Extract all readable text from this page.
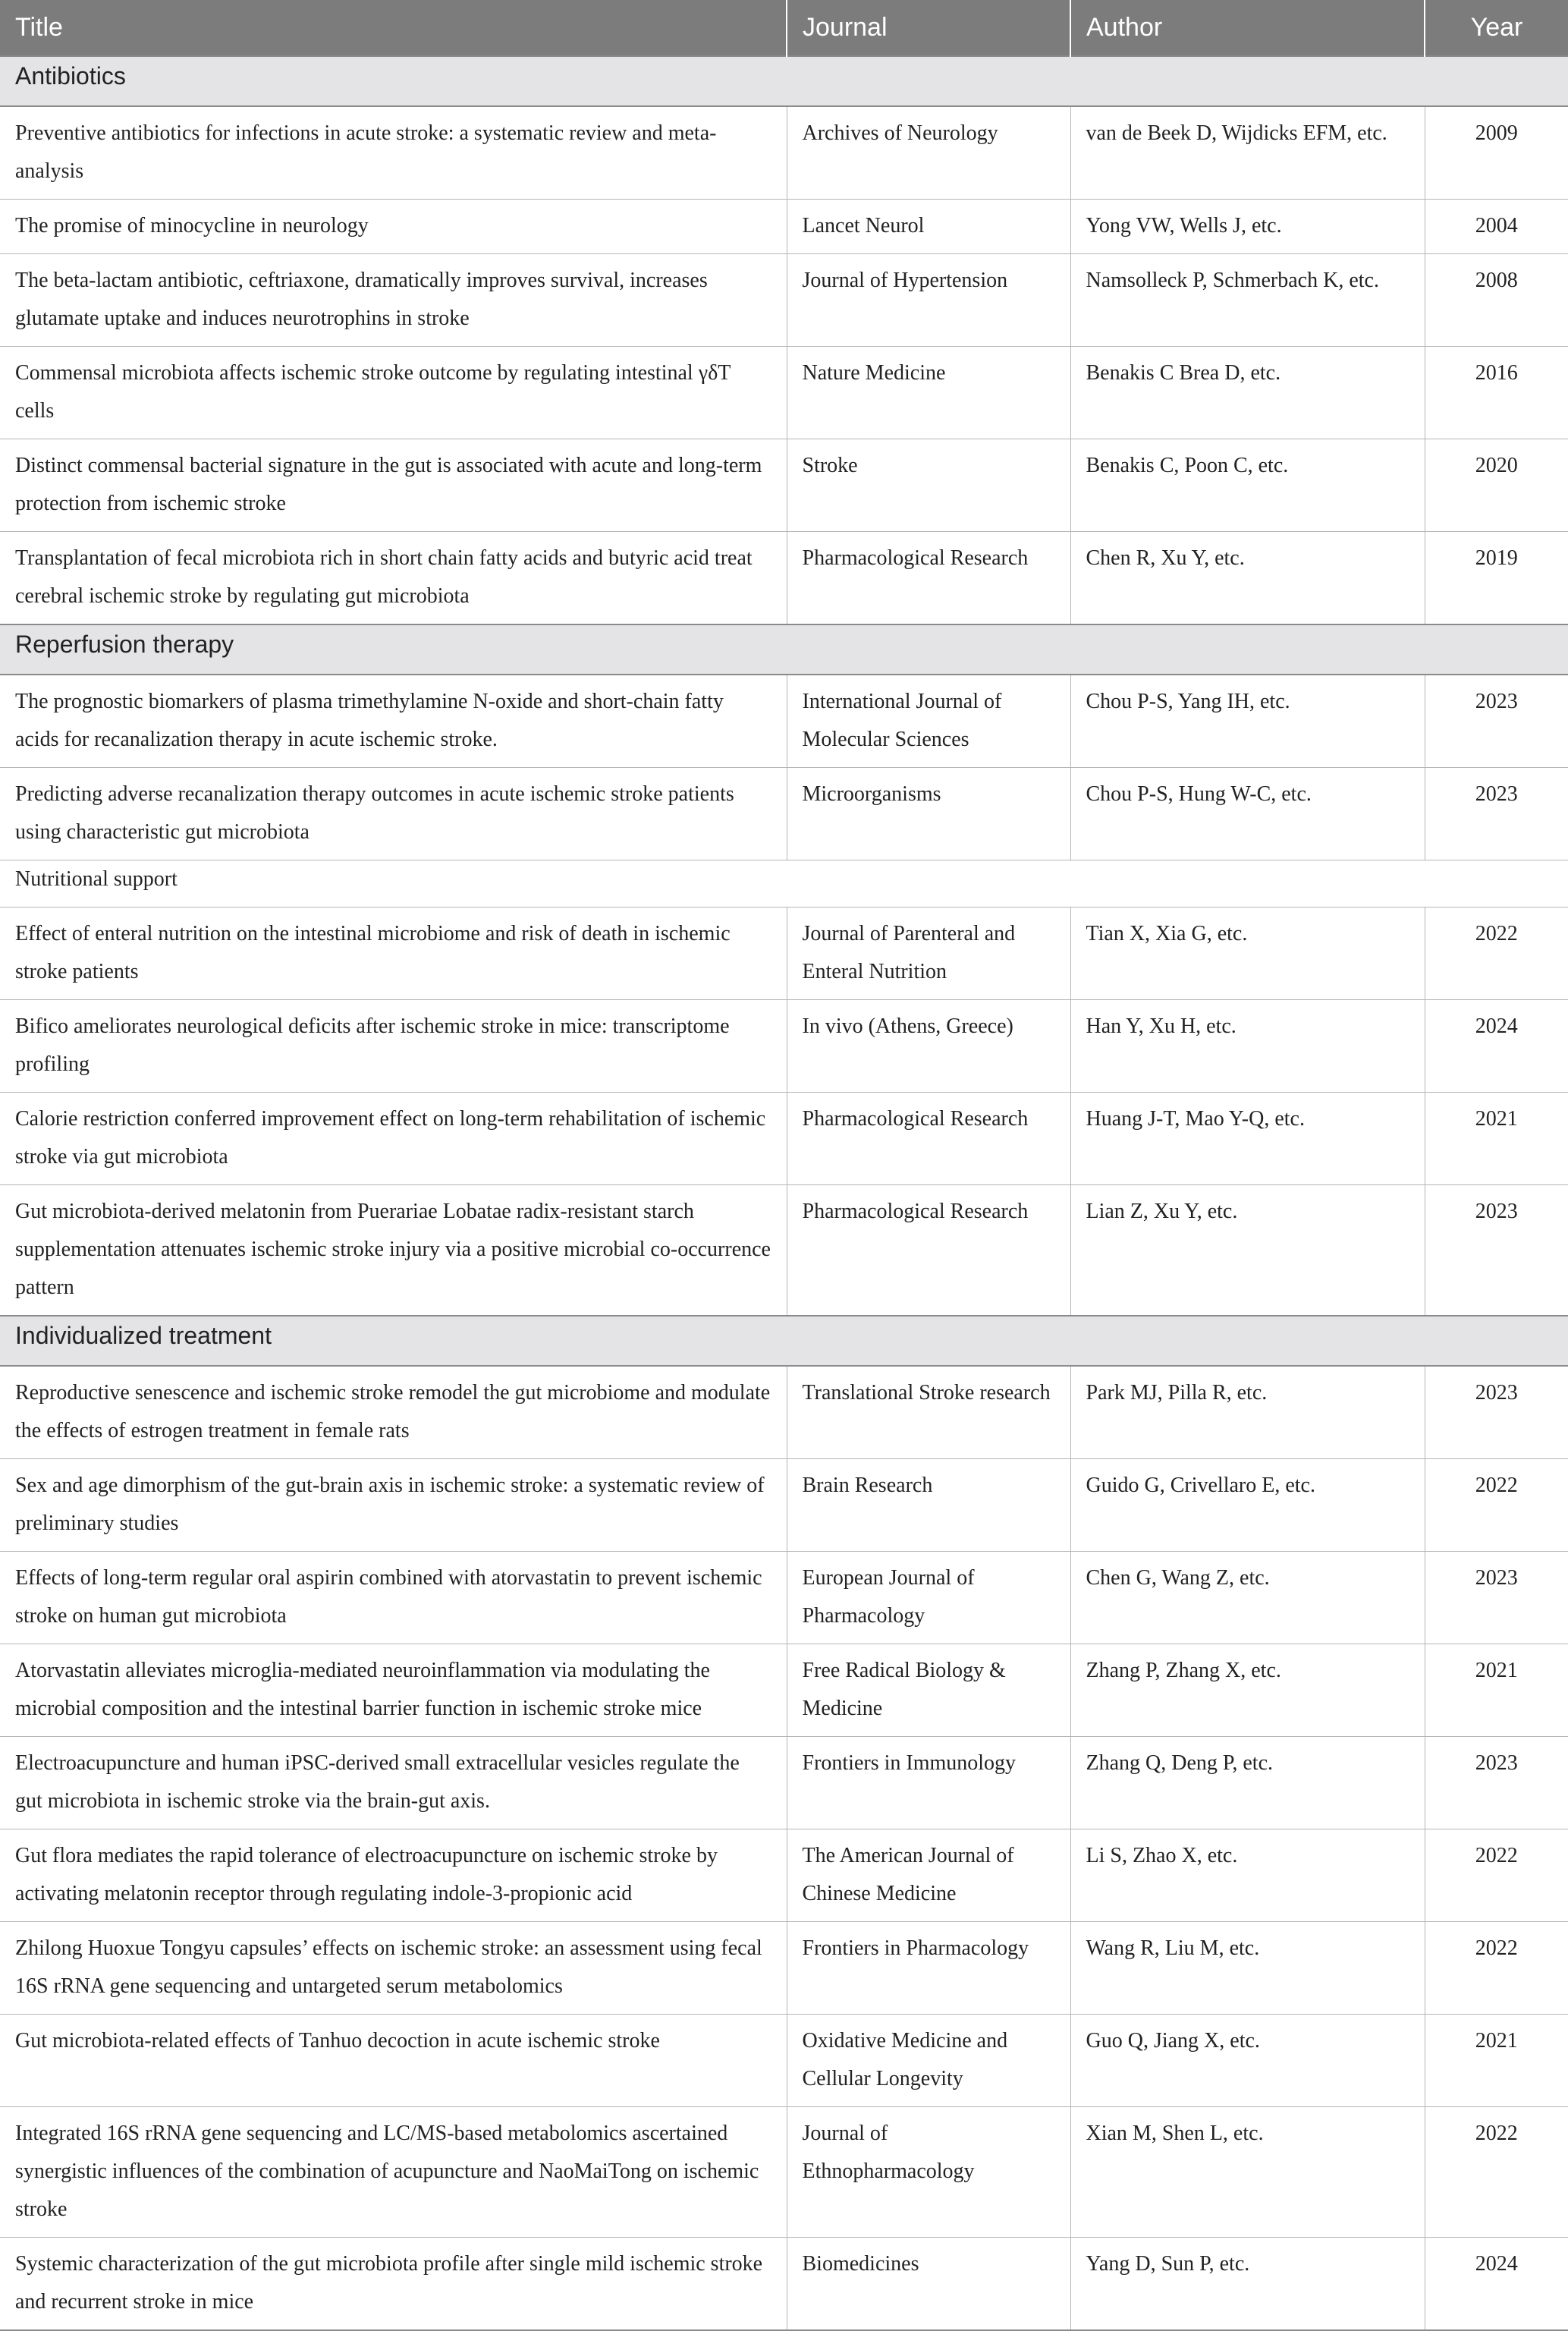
Title	Journal	Author	Year
Antibiotics			
Preventive antibiotics for infections in acute stroke: a systematic review and meta-analysis	Archives of Neurology	van de Beek D, Wijdicks EFM, etc.	2009
The promise of minocycline in neurology	Lancet Neurol	Yong VW, Wells J, etc.	2004
The beta-lactam antibiotic, ceftriaxone, dramatically improves survival, increases glutamate uptake and induces neurotrophins in stroke	Journal of Hypertension	Namsolleck P, Schmerbach K, etc.	2008
Commensal microbiota affects ischemic stroke outcome by regulating intestinal γδT cells	Nature Medicine	Benakis C Brea D, etc.	2016
Distinct commensal bacterial signature in the gut is associated with acute and long-term protection from ischemic stroke	Stroke	Benakis C, Poon C, etc.	2020
Transplantation of fecal microbiota rich in short chain fatty acids and butyric acid treat cerebral ischemic stroke by regulating gut microbiota	Pharmacological Research	Chen R, Xu Y, etc.	2019
Reperfusion therapy			
The prognostic biomarkers of plasma trimethylamine N-oxide and short-chain fatty acids for recanalization therapy in acute ischemic stroke.	International Journal of Molecular Sciences	Chou P-S, Yang IH, etc.	2023
Predicting adverse recanalization therapy outcomes in acute ischemic stroke patients using characteristic gut microbiota	Microorganisms	Chou P-S, Hung W-C, etc.	2023
Nutritional support			
Effect of enteral nutrition on the intestinal microbiome and risk of death in ischemic stroke patients	Journal of Parenteral and Enteral Nutrition	Tian X, Xia G, etc.	2022
Bifico ameliorates neurological deficits after ischemic stroke in mice: transcriptome profiling	In vivo (Athens, Greece)	Han Y, Xu H, etc.	2024
Calorie restriction conferred improvement effect on long-term rehabilitation of ischemic stroke via gut microbiota	Pharmacological Research	Huang J-T, Mao Y-Q, etc.	2021
Gut microbiota-derived melatonin from Puerariae Lobatae radix-resistant starch supplementation attenuates ischemic stroke injury via a positive microbial co-occurrence pattern	Pharmacological Research	Lian Z, Xu Y, etc.	2023
Individualized treatment			
Reproductive senescence and ischemic stroke remodel the gut microbiome and modulate the effects of estrogen treatment in female rats	Translational Stroke research	Park MJ, Pilla R, etc.	2023
Sex and age dimorphism of the gut-brain axis in ischemic stroke: a systematic review of preliminary studies	Brain Research	Guido G, Crivellaro E, etc.	2022
Effects of long-term regular oral aspirin combined with atorvastatin to prevent ischemic stroke on human gut microbiota	European Journal of Pharmacology	Chen G, Wang Z, etc.	2023
Atorvastatin alleviates microglia-mediated neuroinflammation via modulating the microbial composition and the intestinal barrier function in ischemic stroke mice	Free Radical Biology & Medicine	Zhang P, Zhang X, etc.	2021
Electroacupuncture and human iPSC-derived small extracellular vesicles regulate the gut microbiota in ischemic stroke via the brain-gut axis.	Frontiers in Immunology	Zhang Q, Deng P, etc.	2023
Gut flora mediates the rapid tolerance of electroacupuncture on ischemic stroke by activating melatonin receptor through regulating indole-3-propionic acid	The American Journal of Chinese Medicine	Li S, Zhao X, etc.	2022
Zhilong Huoxue Tongyu capsules’ effects on ischemic stroke: an assessment using fecal 16S rRNA gene sequencing and untargeted serum metabolomics	Frontiers in Pharmacology	Wang R, Liu M, etc.	2022
Gut microbiota-related effects of Tanhuo decoction in acute ischemic stroke	Oxidative Medicine and Cellular Longevity	Guo Q, Jiang X, etc.	2021
Integrated 16S rRNA gene sequencing and LC/MS-based metabolomics ascertained synergistic influences of the combination of acupuncture and NaoMaiTong on ischemic stroke	Journal of Ethnopharmacology	Xian M, Shen L, etc.	2022
Systemic characterization of the gut microbiota profile after single mild ischemic stroke and recurrent stroke in mice	Biomedicines	Yang D, Sun P, etc.	2024
